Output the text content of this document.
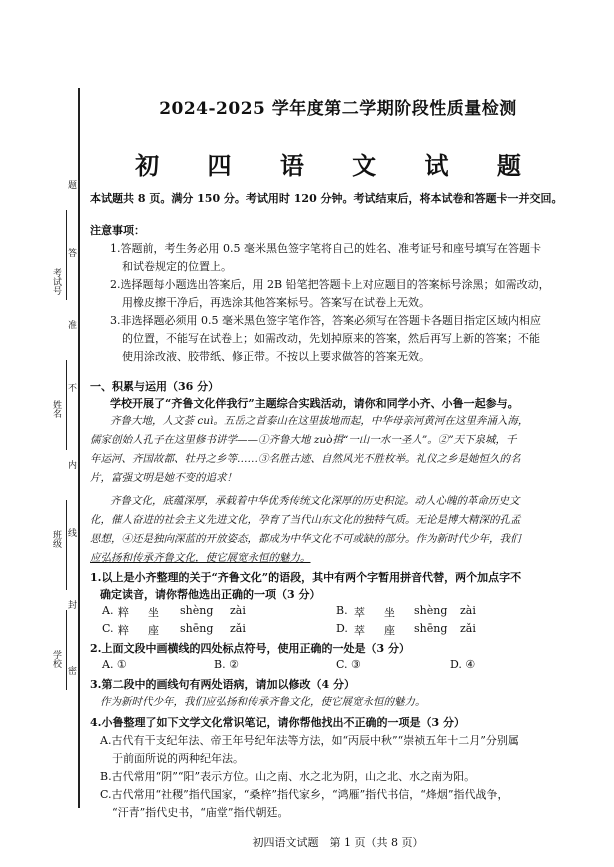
考试号
姓名
班级
学校
题
答
准
不
内
线
封
密
2024-2025 学年度第二学期阶段性质量检测
初 四 语 文 试 题
本试题共 8 页。满分 150 分。考试用时 120 分钟。考试结束后，将本试卷和答题卡一并交回。
注意事项：
1.答题前，考生务必用 0.5 毫米黑色签字笔将自己的姓名、准考证号和座号填写在答题卡
和试卷规定的位置上。
2.选择题每小题选出答案后，用 2B 铅笔把答题卡上对应题目的答案标号涂黑；如需改动，
用橡皮擦干净后，再选涂其他答案标号。答案写在试卷上无效。
3.非选择题必须用 0.5 毫米黑色签字笔作答，答案必须写在答题卡各题目指定区域内相应
的位置，不能写在试卷上；如需改动，先划掉原来的答案，然后再写上新的答案；不能
使用涂改液、胶带纸、修正带。不按以上要求做答的答案无效。
一、积累与运用（36 分）
学校开展了“齐鲁文化伴我行”主题综合实践活动，请你和同学小齐、小鲁一起参与。
齐鲁大地，人文荟 cuì。五岳之首泰山在这里拔地而起，中华母亲河黄河在这里奔涌入海，
儒家创始人孔子在这里修书讲学——①齐鲁大地 zuò揖“一山一水一圣人”。②”天下泉城，千
年运河、齐国故都、牡丹之乡等……③名胜古迹、自然风光不胜枚举。礼仪之乡是她恒久的名
片，富强文明是她不变的追求！
齐鲁文化，底蕴深厚，承载着中华优秀传统文化深厚的历史积淀。动人心魄的革命历史文
化，催人奋进的社会主义先进文化，孕育了当代山东文化的独特气质。无论是博大精深的孔孟
思想，④还是独向深蓝的开放姿态，都成为中华文化不可或缺的部分。作为新时代少年，我们
应弘扬和传承齐鲁文化，使它展宽永恒的魅力。
1.以上是小齐整理的关于“齐鲁文化”的语段，其中有两个字暂用拼音代替，两个加点字不
确定读音，请你帮他选出正确的一项（3 分）
A. 粹 坐 shèng zài	B. 萃 坐 shèng zài
C. 粹 座 shēng zǎi	D. 萃 座 shēng zǎi
2.上面文段中画横线的四处标点符号，使用正确的一处是（3 分）
A. ①	B. ②	C. ③	D. ④
3.第二段中的画线句有两处语病，请加以修改（4 分）
作为新时代少年，我们应弘扬和传承齐鲁文化，使它展宽永恒的魅力。
4.小鲁整理了如下文学文化常识笔记，请你帮他找出不正确的一项是（3 分）
A.古代有干支纪年法、帝王年号纪年法等方法，如“丙辰中秋”“崇祯五年十二月”分别属
于前面所说的两种纪年法。
B.古代常用“阴”“阳”表示方位。山之南、水之北为阴，山之北、水之南为阳。
C.古代常用“社稷”指代国家，“桑梓”指代家乡，“鸿雁”指代书信，“烽烟”指代战争，
“汗青”指代史书，“庙堂”指代朝廷。
初四语文试题　第 1 页（共 8 页）
